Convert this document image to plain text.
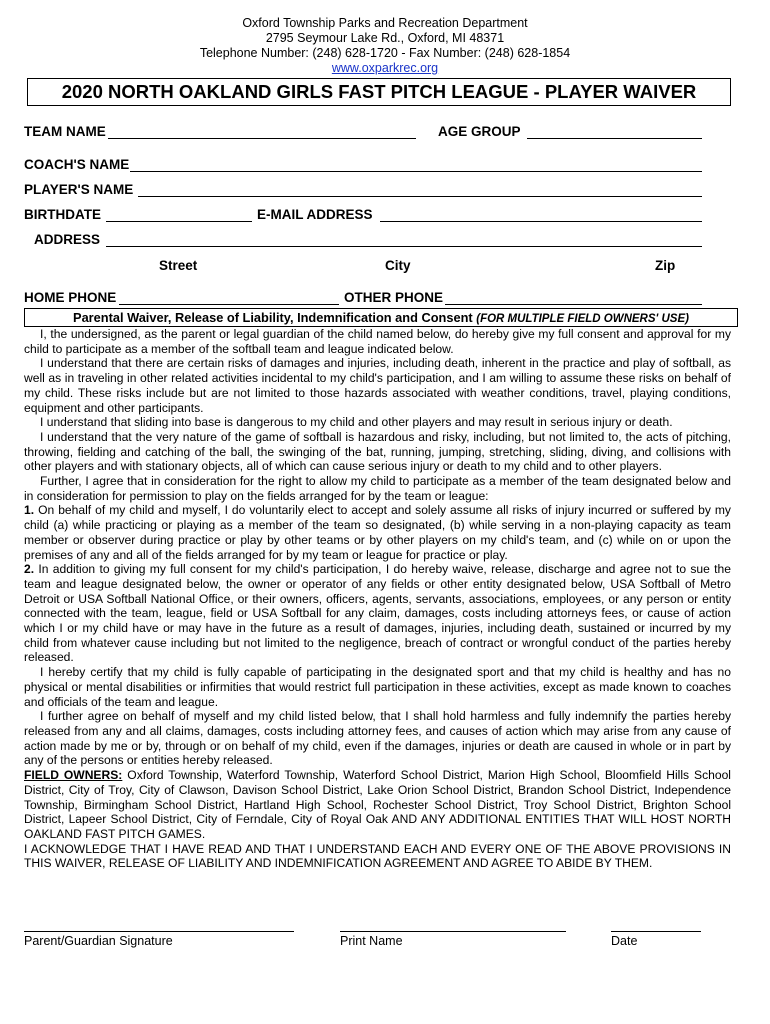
Oxford Township Parks and Recreation Department
2795 Seymour Lake Rd., Oxford, MI 48371
Telephone Number: (248) 628-1720 - Fax Number: (248) 628-1854
www.oxparkrec.org
2020 NORTH OAKLAND GIRLS FAST PITCH LEAGUE - PLAYER WAIVER
TEAM NAME	AGE GROUP
COACH'S NAME
PLAYER'S NAME
BIRTHDATE	E-MAIL ADDRESS
ADDRESS
Street	City	Zip
HOME PHONE	OTHER PHONE
Parental Waiver, Release of Liability, Indemnification and Consent (FOR MULTIPLE FIELD OWNERS' USE)

I, the undersigned, as the parent or legal guardian of the child named below, do hereby give my full consent and approval for my child to participate as a member of the softball team and league indicated below.

I understand that there are certain risks of damages and injuries, including death, inherent in the practice and play of softball, as well as in traveling in other related activities incidental to my child's participation, and I am willing to assume these risks on behalf of my child. These risks include but are not limited to those hazards associated with weather conditions, travel, playing conditions, equipment and other participants.

I understand that sliding into base is dangerous to my child and other players and may result in serious injury or death.

I understand that the very nature of the game of softball is hazardous and risky, including, but not limited to, the acts of pitching, throwing, fielding and catching of the ball, the swinging of the bat, running, jumping, stretching, sliding, diving, and collisions with other players and with stationary objects, all of which can cause serious injury or death to my child and to other players.

Further, I agree that in consideration for the right to allow my child to participate as a member of the team designated below and in consideration for permission to play on the fields arranged for by the team or league:

1. On behalf of my child and myself, I do voluntarily elect to accept and solely assume all risks of injury incurred or suffered by my child (a) while practicing or playing as a member of the team so designated, (b) while serving in a non-playing capacity as team member or observer during practice or play by other teams or by other players on my child's team, and (c) while on or upon the premises of any and all of the fields arranged for by my team or league for practice or play.

2. In addition to giving my full consent for my child's participation, I do hereby waive, release, discharge and agree not to sue the team and league designated below, the owner or operator of any fields or other entity designated below, USA Softball of Metro Detroit or USA Softball National Office, or their owners, officers, agents, servants, associations, employees, or any person or entity connected with the team, league, field or USA Softball for any claim, damages, costs including attorneys fees, or cause of action which I or my child have or may have in the future as a result of damages, injuries, including death, sustained or incurred by my child from whatever cause including but not limited to the negligence, breach of contract or wrongful conduct of the parties hereby released.

I hereby certify that my child is fully capable of participating in the designated sport and that my child is healthy and has no physical or mental disabilities or infirmities that would restrict full participation in these activities, except as made known to coaches and officials of the team and league.

I further agree on behalf of myself and my child listed below, that I shall hold harmless and fully indemnify the parties hereby released from any and all claims, damages, costs including attorney fees, and causes of action which may arise from any cause of action made by me or by, through or on behalf of my child, even if the damages, injuries or death are caused in whole or in part by any of the persons or entities hereby released.

FIELD OWNERS: Oxford Township, Waterford Township, Waterford School District, Marion High School, Bloomfield Hills School District, City of Troy, City of Clawson, Davison School District, Lake Orion School District, Brandon School District, Independence Township, Birmingham School District, Hartland High School, Rochester School District, Troy School District, Brighton School District, Lapeer School District, City of Ferndale, City of Royal Oak AND ANY ADDITIONAL ENTITIES THAT WILL HOST NORTH OAKLAND FAST PITCH GAMES.

I ACKNOWLEDGE THAT I HAVE READ AND THAT I UNDERSTAND EACH AND EVERY ONE OF THE ABOVE PROVISIONS IN THIS WAIVER, RELEASE OF LIABILITY AND INDEMNIFICATION AGREEMENT AND AGREE TO ABIDE BY THEM.

Parent/Guardian Signature	Print Name	Date
